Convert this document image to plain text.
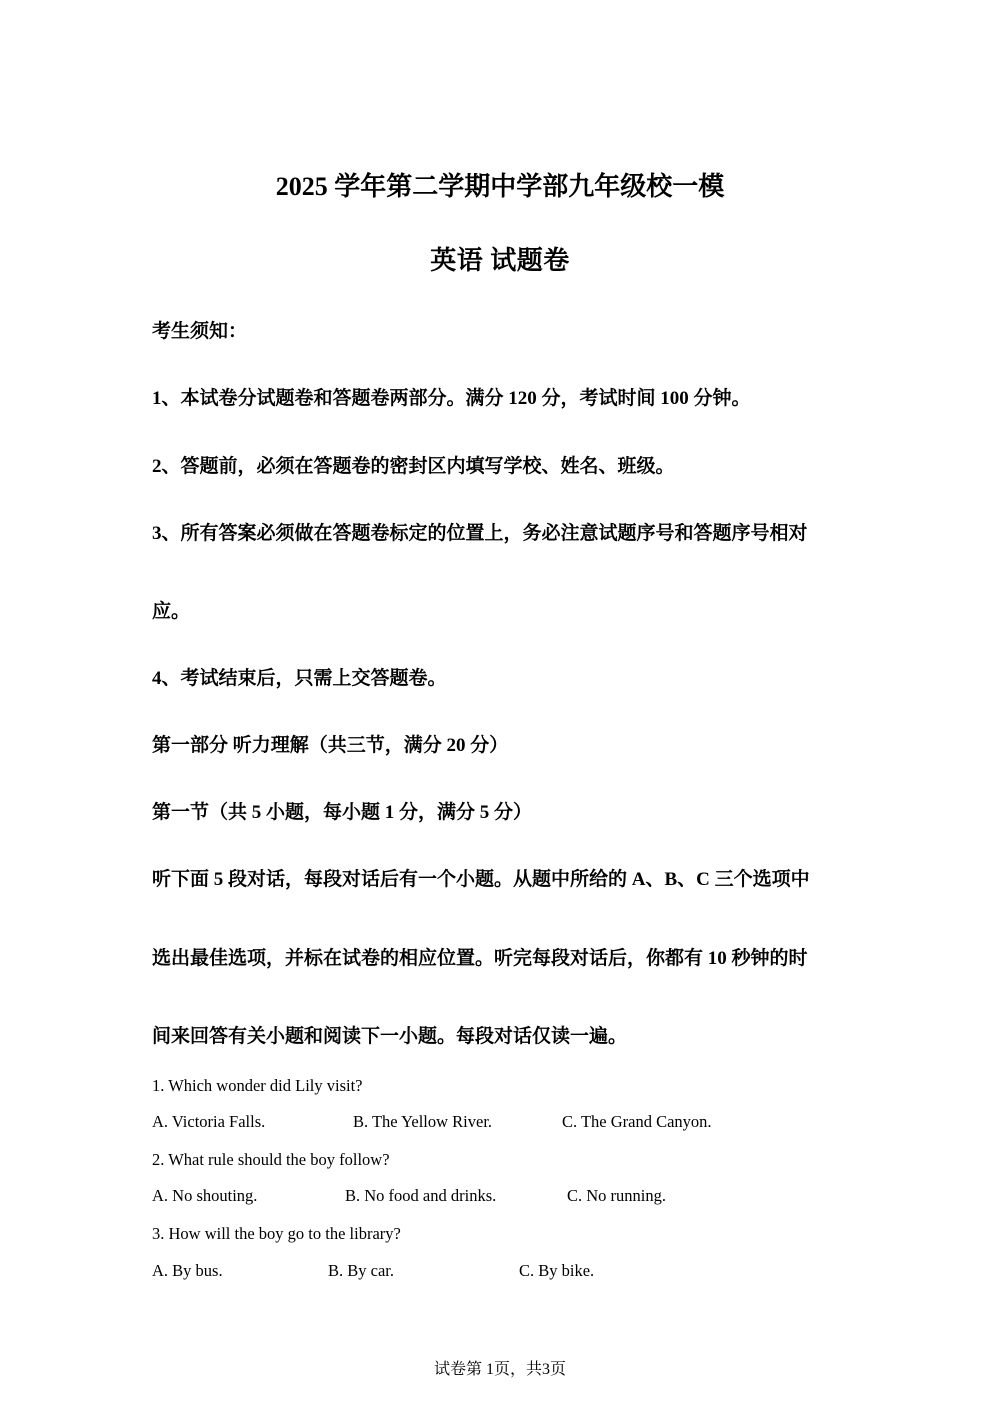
2025 学年第二学期中学部九年级校一模
英语 试题卷
考生须知：
1、本试卷分试题卷和答题卷两部分。满分 120 分，考试时间 100 分钟。
2、答题前，必须在答题卷的密封区内填写学校、姓名、班级。
3、所有答案必须做在答题卷标定的位置上，务必注意试题序号和答题序号相对
应。
4、考试结束后，只需上交答题卷。
第一部分 听力理解（共三节，满分 20 分）
第一节（共 5 小题，每小题 1 分，满分 5 分）
听下面 5 段对话，每段对话后有一个小题。从题中所给的 A、B、C 三个选项中
选出最佳选项，并标在试卷的相应位置。听完每段对话后，你都有 10 秒钟的时
间来回答有关小题和阅读下一小题。每段对话仅读一遍。
1. Which wonder did Lily visit?
A. Victoria Falls.	B. The Yellow River.	C. The Grand Canyon.
2. What rule should the boy follow?
A. No shouting.	B. No food and drinks.	C. No running.
3. How will the boy go to the library?
A. By bus.	B. By car.	C. By bike.
试卷第 1页，共3页
